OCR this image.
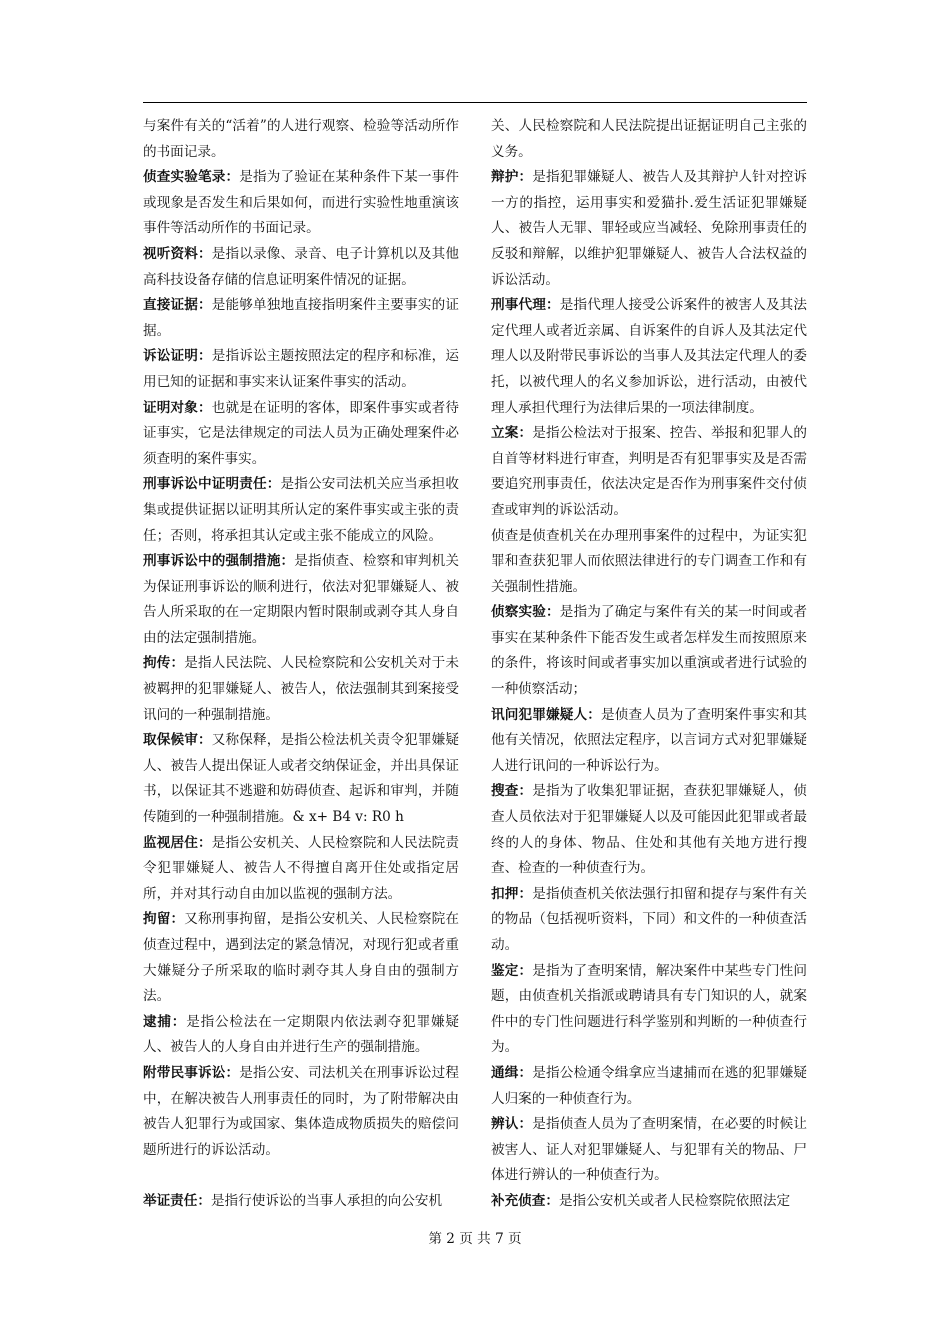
与案件有关的“活着”的人进行观察、检验等活动所作的书面记录。

侦查实验笔录：是指为了验证在某种条件下某一事件或现象是否发生和后果如何，而进行实验性地重演该事件等活动所作的书面记录。

视听资料：是指以录像、录音、电子计算机以及其他高科技设备存储的信息证明案件情况的证据。

直接证据：是能够单独地直接指明案件主要事实的证据。

诉讼证明：是指诉讼主题按照法定的程序和标准，运用已知的证据和事实来认证案件事实的活动。

证明对象：也就是在证明的客体，即案件事实或者待证事实，它是法律规定的司法人员为正确处理案件必须查明的案件事实。

刑事诉讼中证明责任：是指公安司法机关应当承担收集或提供证据以证明其所认定的案件事实或主张的责任；否则，将承担其认定或主张不能成立的风险。

刑事诉讼中的强制措施：是指侦查、检察和审判机关为保证刑事诉讼的顺利进行，依法对犯罪嫌疑人、被告人所采取的在一定期限内暂时限制或剥夺其人身自由的法定强制措施。

拘传：是指人民法院、人民检察院和公安机关对于未被羁押的犯罪嫌疑人、被告人，依法强制其到案接受讯问的一种强制措施。

取保候审：又称保释，是指公检法机关责令犯罪嫌疑人、被告人提出保证人或者交纳保证金，并出具保证书，以保证其不逃避和妨碍侦查、起诉和审判，并随传随到的一种强制措施。& x+ B4 v: R0 h

监视居住：是指公安机关、人民检察院和人民法院责令犯罪嫌疑人、被告人不得擅自离开住处或指定居所，并对其行动自由加以监视的强制方法。

拘留：又称刑事拘留，是指公安机关、人民检察院在侦查过程中，遇到法定的紧急情况，对现行犯或者重大嫌疑分子所采取的临时剥夺其人身自由的强制方法。

逮捕：是指公检法在一定期限内依法剥夺犯罪嫌疑人、被告人的人身自由并进行生产的强制措施。

附带民事诉讼：是指公安、司法机关在刑事诉讼过程中，在解决被告人刑事责任的同时，为了附带解决由被告人犯罪行为或国家、集体造成物质损失的赔偿问题所进行的诉讼活动。

举证责任：是指行使诉讼的当事人承担的向公安机

关、人民检察院和人民法院提出证据证明自己主张的义务。

辩护：是指犯罪嫌疑人、被告人及其辩护人针对控诉一方的指控，运用事实和爱猫扑.爱生活证犯罪嫌疑人、被告人无罪、罪轻或应当减轻、免除刑事责任的反驳和辩解，以维护犯罪嫌疑人、被告人合法权益的诉讼活动。

刑事代理：是指代理人接受公诉案件的被害人及其法定代理人或者近亲属、自诉案件的自诉人及其法定代理人以及附带民事诉讼的当事人及其法定代理人的委托，以被代理人的名义参加诉讼，进行活动，由被代理人承担代理行为法律后果的一项法律制度。

立案：是指公检法对于报案、控告、举报和犯罪人的自首等材料进行审查，判明是否有犯罪事实及是否需要追究刑事责任，依法决定是否作为刑事案件交付侦查或审判的诉讼活动。

侦查是侦查机关在办理刑事案件的过程中，为证实犯罪和查获犯罪人而依照法律进行的专门调查工作和有关强制性措施。

侦察实验：是指为了确定与案件有关的某一时间或者事实在某种条件下能否发生或者怎样发生而按照原来的条件，将该时间或者事实加以重演或者进行试验的一种侦察活动；

讯问犯罪嫌疑人：是侦查人员为了查明案件事实和其他有关情况，依照法定程序，以言词方式对犯罪嫌疑人进行讯问的一种诉讼行为。

搜查：是指为了收集犯罪证据，查获犯罪嫌疑人，侦查人员依法对于犯罪嫌疑人以及可能因此犯罪或者最终的人的身体、物品、住处和其他有关地方进行搜查、检查的一种侦查行为。

扣押：是指侦查机关依法强行扣留和提存与案件有关的物品（包括视听资料，下同）和文件的一种侦查活动。

鉴定：是指为了查明案情，解决案件中某些专门性问题，由侦查机关指派或聘请具有专门知识的人，就案件中的专门性问题进行科学鉴别和判断的一种侦查行为。

通缉：是指公检通令缉拿应当逮捕而在逃的犯罪嫌疑人归案的一种侦查行为。

辨认：是指侦查人员为了查明案情，在必要的时候让被害人、证人对犯罪嫌疑人、与犯罪有关的物品、尸体进行辨认的一种侦查行为。

补充侦查：是指公安机关或者人民检察院依照法定

第 2 页 共 7 页
